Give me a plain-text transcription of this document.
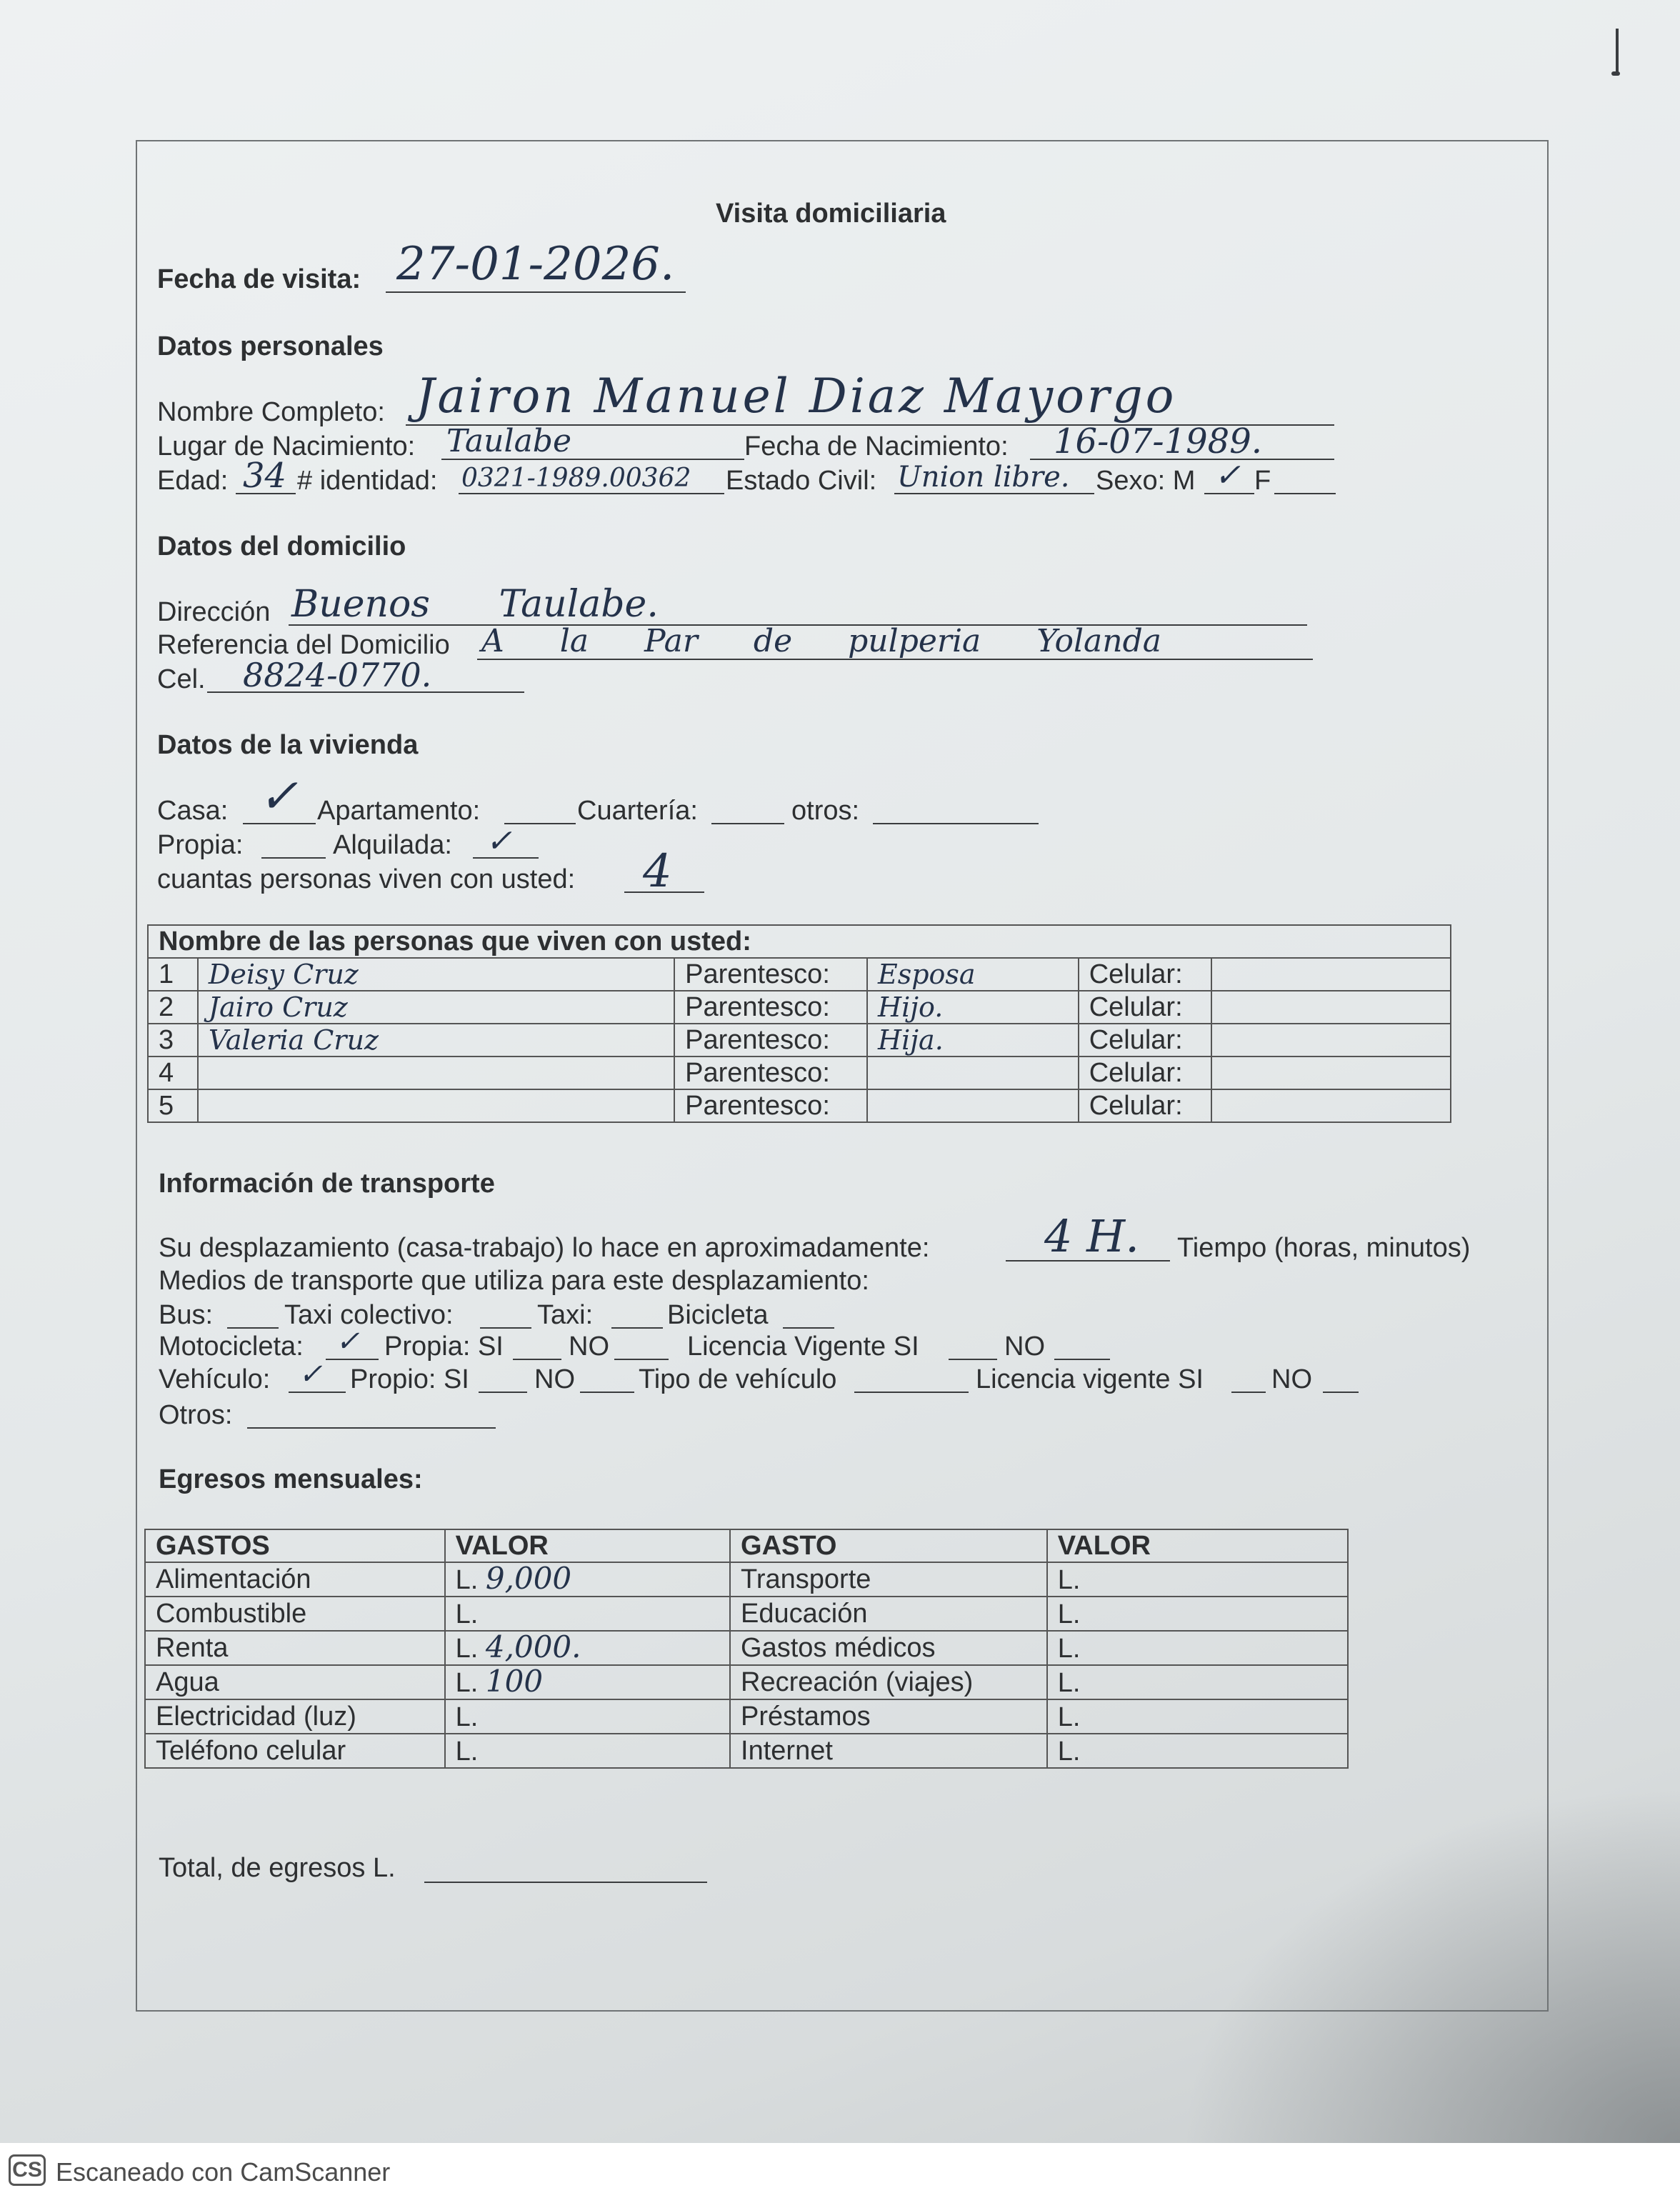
Visita domiciliaria
Fecha de visita: 27-01-2026.
Datos personales
Nombre Completo: Jairon Manuel Diaz Mayorgo
Lugar de Nacimiento: Taulabe	Fecha de Nacimiento: 16-07-1989.
Edad: 34 # identidad: 0321-1989.00362 Estado Civil: Union libre. Sexo: M ✓ F
Datos del domicilio
Dirección Buenos Taulabe.
Referencia del Domicilio A la Par de pulperia Yolanda
Cel. 8824-0770.
Datos de la vivienda
Casa: ✓ Apartamento:	Cuartería:	otros:
Propia:	Alquilada: ✓
cuantas personas viven con usted: 4
Nombre de las personas que viven con usted:					
1	Deisy Cruz	Parentesco:	Esposa	Celular:	
2	Jairo Cruz	Parentesco:	Hijo.	Celular:	
3	Valeria Cruz	Parentesco:	Hija.	Celular:	
4		Parentesco:		Celular:	
5		Parentesco:		Celular:	
Información de transporte
Su desplazamiento (casa-trabajo) lo hace en aproximadamente:	4 H. Tiempo (horas, minutos)
Medios de transporte que utiliza para este desplazamiento:
Bus:	Taxi colectivo:	Taxi:	Bicicleta
Motocicleta: ✓ Propia: SI NO	Licencia Vigente SI	NO
Vehículo: ✓ Propio: SI NO Tipo de vehículo	Licencia vigente SI	NO
Otros:
Egresos mensuales:
GASTOS	VALOR	GASTO	VALOR
Alimentación	L. 9,000	Transporte	L.
Combustible	L.	Educación	L.
Renta	L. 4,000.	Gastos médicos	L.
Agua	L. 100	Recreación (viajes)	L.
Electricidad (luz)	L.	Préstamos	L.
Teléfono celular	L.	Internet	L.
Total, de egresos L.
CS Escaneado con CamScanner
